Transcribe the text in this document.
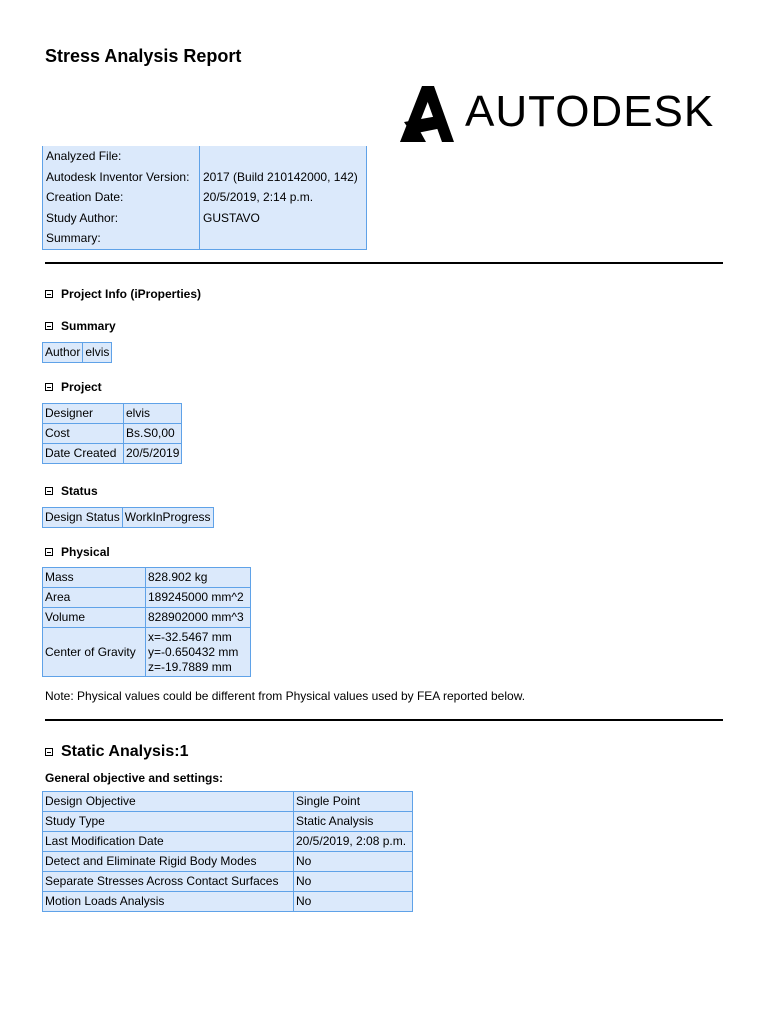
Stress Analysis Report
AUTODESK
Analyzed File:	
Autodesk Inventor Version:	2017 (Build 210142000, 142)
Creation Date:	20/5/2019, 2:14 p.m.
Study Author:	GUSTAVO
Summary:	
Project Info (iProperties)
Summary
Author	elvis
Project
Designer	elvis
Cost	Bs.S0,00
Date Created	20/5/2019
Status
Design Status	WorkInProgress
Physical
Mass	828.902 kg
Area	189245000 mm^2
Volume	828902000 mm^3
Center of Gravity	x=-32.5467 mm
y=-0.650432 mm
z=-19.7889 mm
Note: Physical values could be different from Physical values used by FEA reported below.
Static Analysis:1
General objective and settings:
Design Objective	Single Point
Study Type	Static Analysis
Last Modification Date	20/5/2019, 2:08 p.m.
Detect and Eliminate Rigid Body Modes	No
Separate Stresses Across Contact Surfaces	No
Motion Loads Analysis	No
